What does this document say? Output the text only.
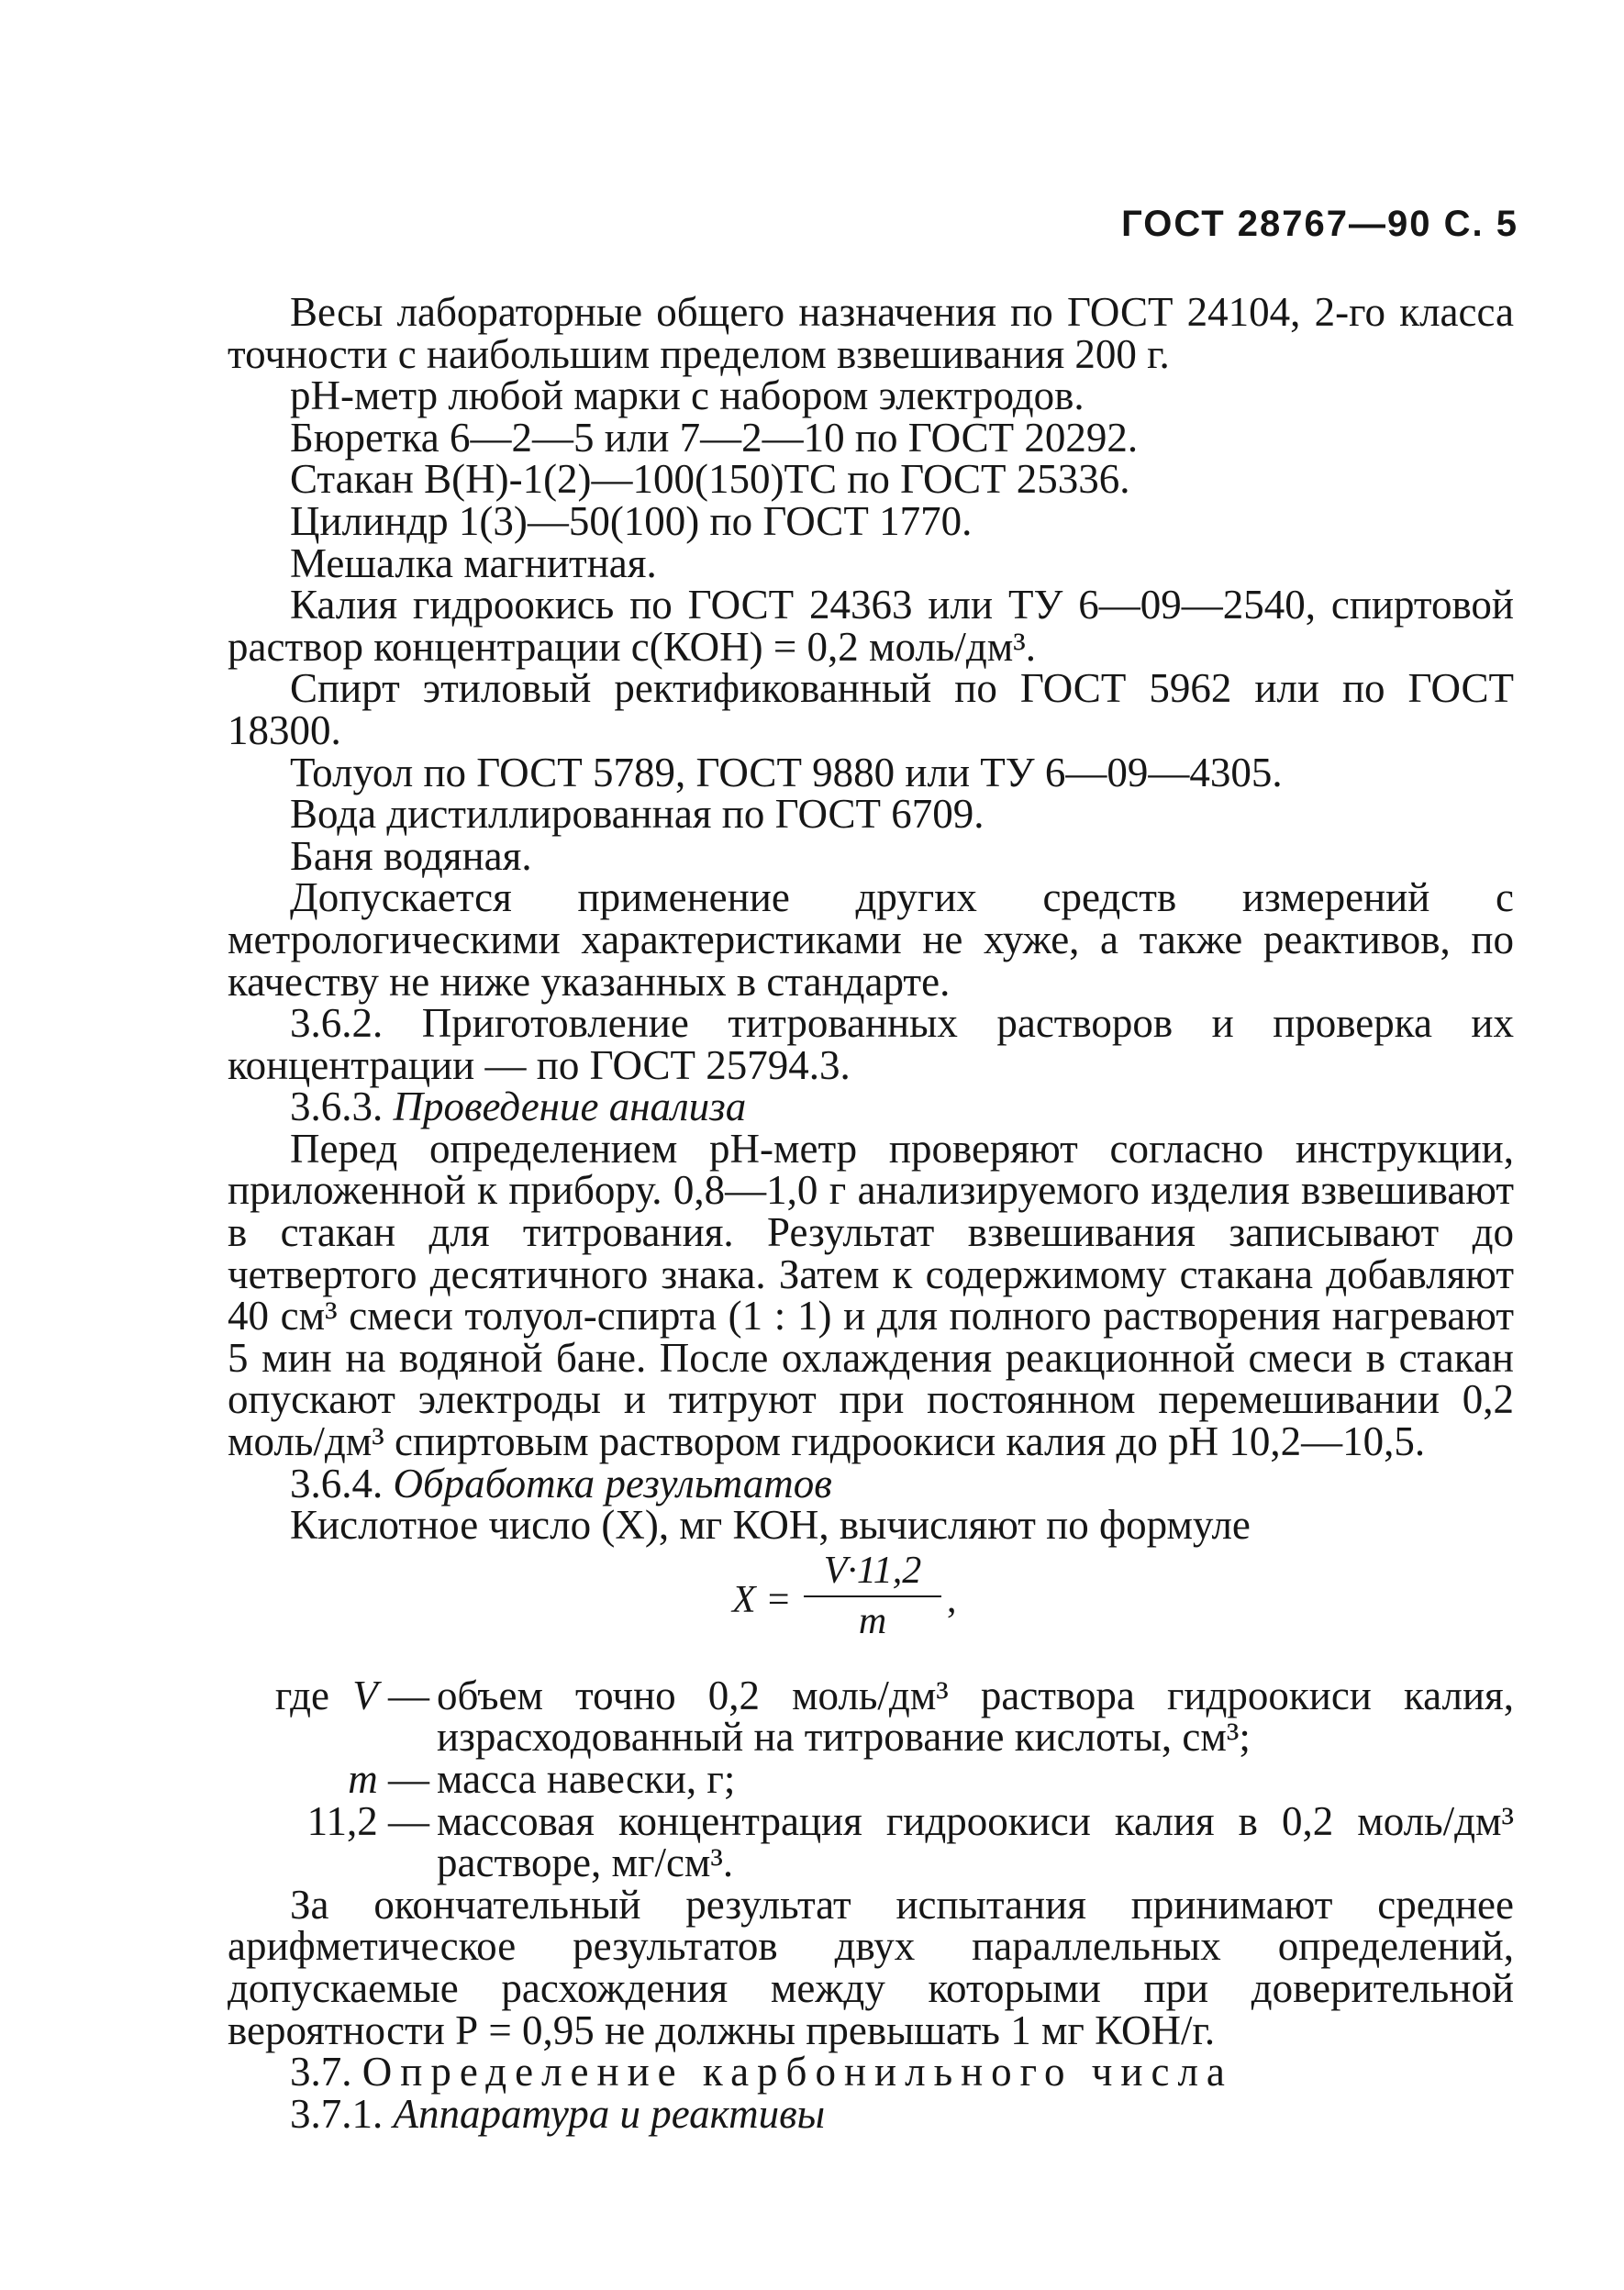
ГОСТ 28767—90 С. 5

Весы лабораторные общего назначения по ГОСТ 24104, 2-го класса точности с наибольшим пределом взвешивания 200 г.

рН-метр любой марки с набором электродов.

Бюретка 6—2—5 или 7—2—10 по ГОСТ 20292.

Стакан В(Н)-1(2)—100(150)ТС по ГОСТ 25336.

Цилиндр 1(3)—50(100) по ГОСТ 1770.

Мешалка магнитная.

Калия гидроокись по ГОСТ 24363 или ТУ 6—09—2540, спиртовой раствор концентрации с(КОН) = 0,2 моль/дм³.

Спирт этиловый ректификованный по ГОСТ 5962 или по ГОСТ 18300.

Толуол по ГОСТ 5789, ГОСТ 9880 или ТУ 6—09—4305.

Вода дистиллированная по ГОСТ 6709.

Баня водяная.

Допускается применение других средств измерений с метрологическими характеристиками не хуже, а также реактивов, по качеству не ниже указанных в стандарте.

3.6.2. Приготовление титрованных растворов и проверка их концентрации — по ГОСТ 25794.3.

3.6.3. Проведение анализа

Перед определением рН-метр проверяют согласно инструкции, приложенной к прибору. 0,8—1,0 г анализируемого изделия взвешивают в стакан для титрования. Результат взвешивания записывают до четвертого десятичного знака. Затем к содержимому стакана добавляют 40 см³ смеси толуол-спирта (1 : 1) и для полного растворения нагревают 5 мин на водяной бане. После охлаждения реакционной смеси в стакан опускают электроды и титруют при постоянном перемешивании 0,2 моль/дм³ спиртовым раствором гидроокиси калия до рН 10,2—10,5.

3.6.4. Обработка результатов

Кислотное число (X), мг КОН, вычисляют по формуле

$X = \frac{V\cdot 11,2}{m}$ ,
где V — объем точно 0,2 моль/дм³ раствора гидроокиси калия, израсходованный на титрование кислоты, см³;
m — масса навески, г;
11,2 — массовая концентрация гидроокиси калия в 0,2 моль/дм³ растворе, мг/см³.

За окончательный результат испытания принимают среднее арифметическое результатов двух параллельных определений, допускаемые расхождения между которыми при доверительной вероятности Р = 0,95 не должны превышать 1 мг КОН/г.

3.7. Определение карбонильного числа

3.7.1. Аппаратура и реактивы
